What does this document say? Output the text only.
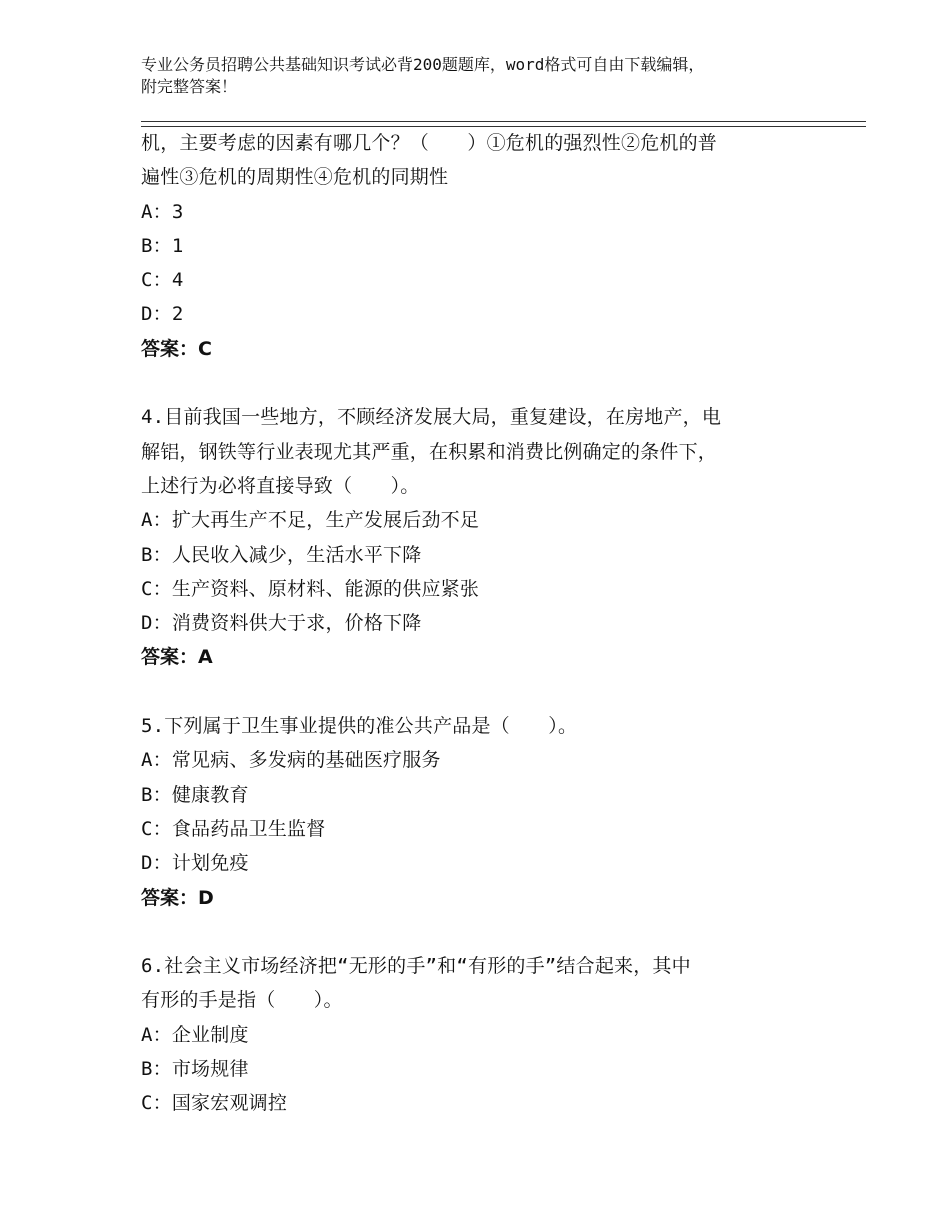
专业公务员招聘公共基础知识考试必背200题题库，word格式可自由下载编辑，
附完整答案！
机，主要考虑的因素有哪几个？（　　）①危机的强烈性②危机的普
遍性③危机的周期性④危机的同期性
A：3
B：1
C：4
D：2
答案：C
4.目前我国一些地方，不顾经济发展大局，重复建设，在房地产，电
解铝，钢铁等行业表现尤其严重，在积累和消费比例确定的条件下，
上述行为必将直接导致（　　）。
A：扩大再生产不足，生产发展后劲不足
B：人民收入减少，生活水平下降
C：生产资料、原材料、能源的供应紧张
D：消费资料供大于求，价格下降
答案：A
5.下列属于卫生事业提供的准公共产品是（　　）。
A：常见病、多发病的基础医疗服务
B：健康教育
C：食品药品卫生监督
D：计划免疫
答案：D
6.社会主义市场经济把“无形的手”和“有形的手”结合起来，其中
有形的手是指（　　）。
A：企业制度
B：市场规律
C：国家宏观调控
